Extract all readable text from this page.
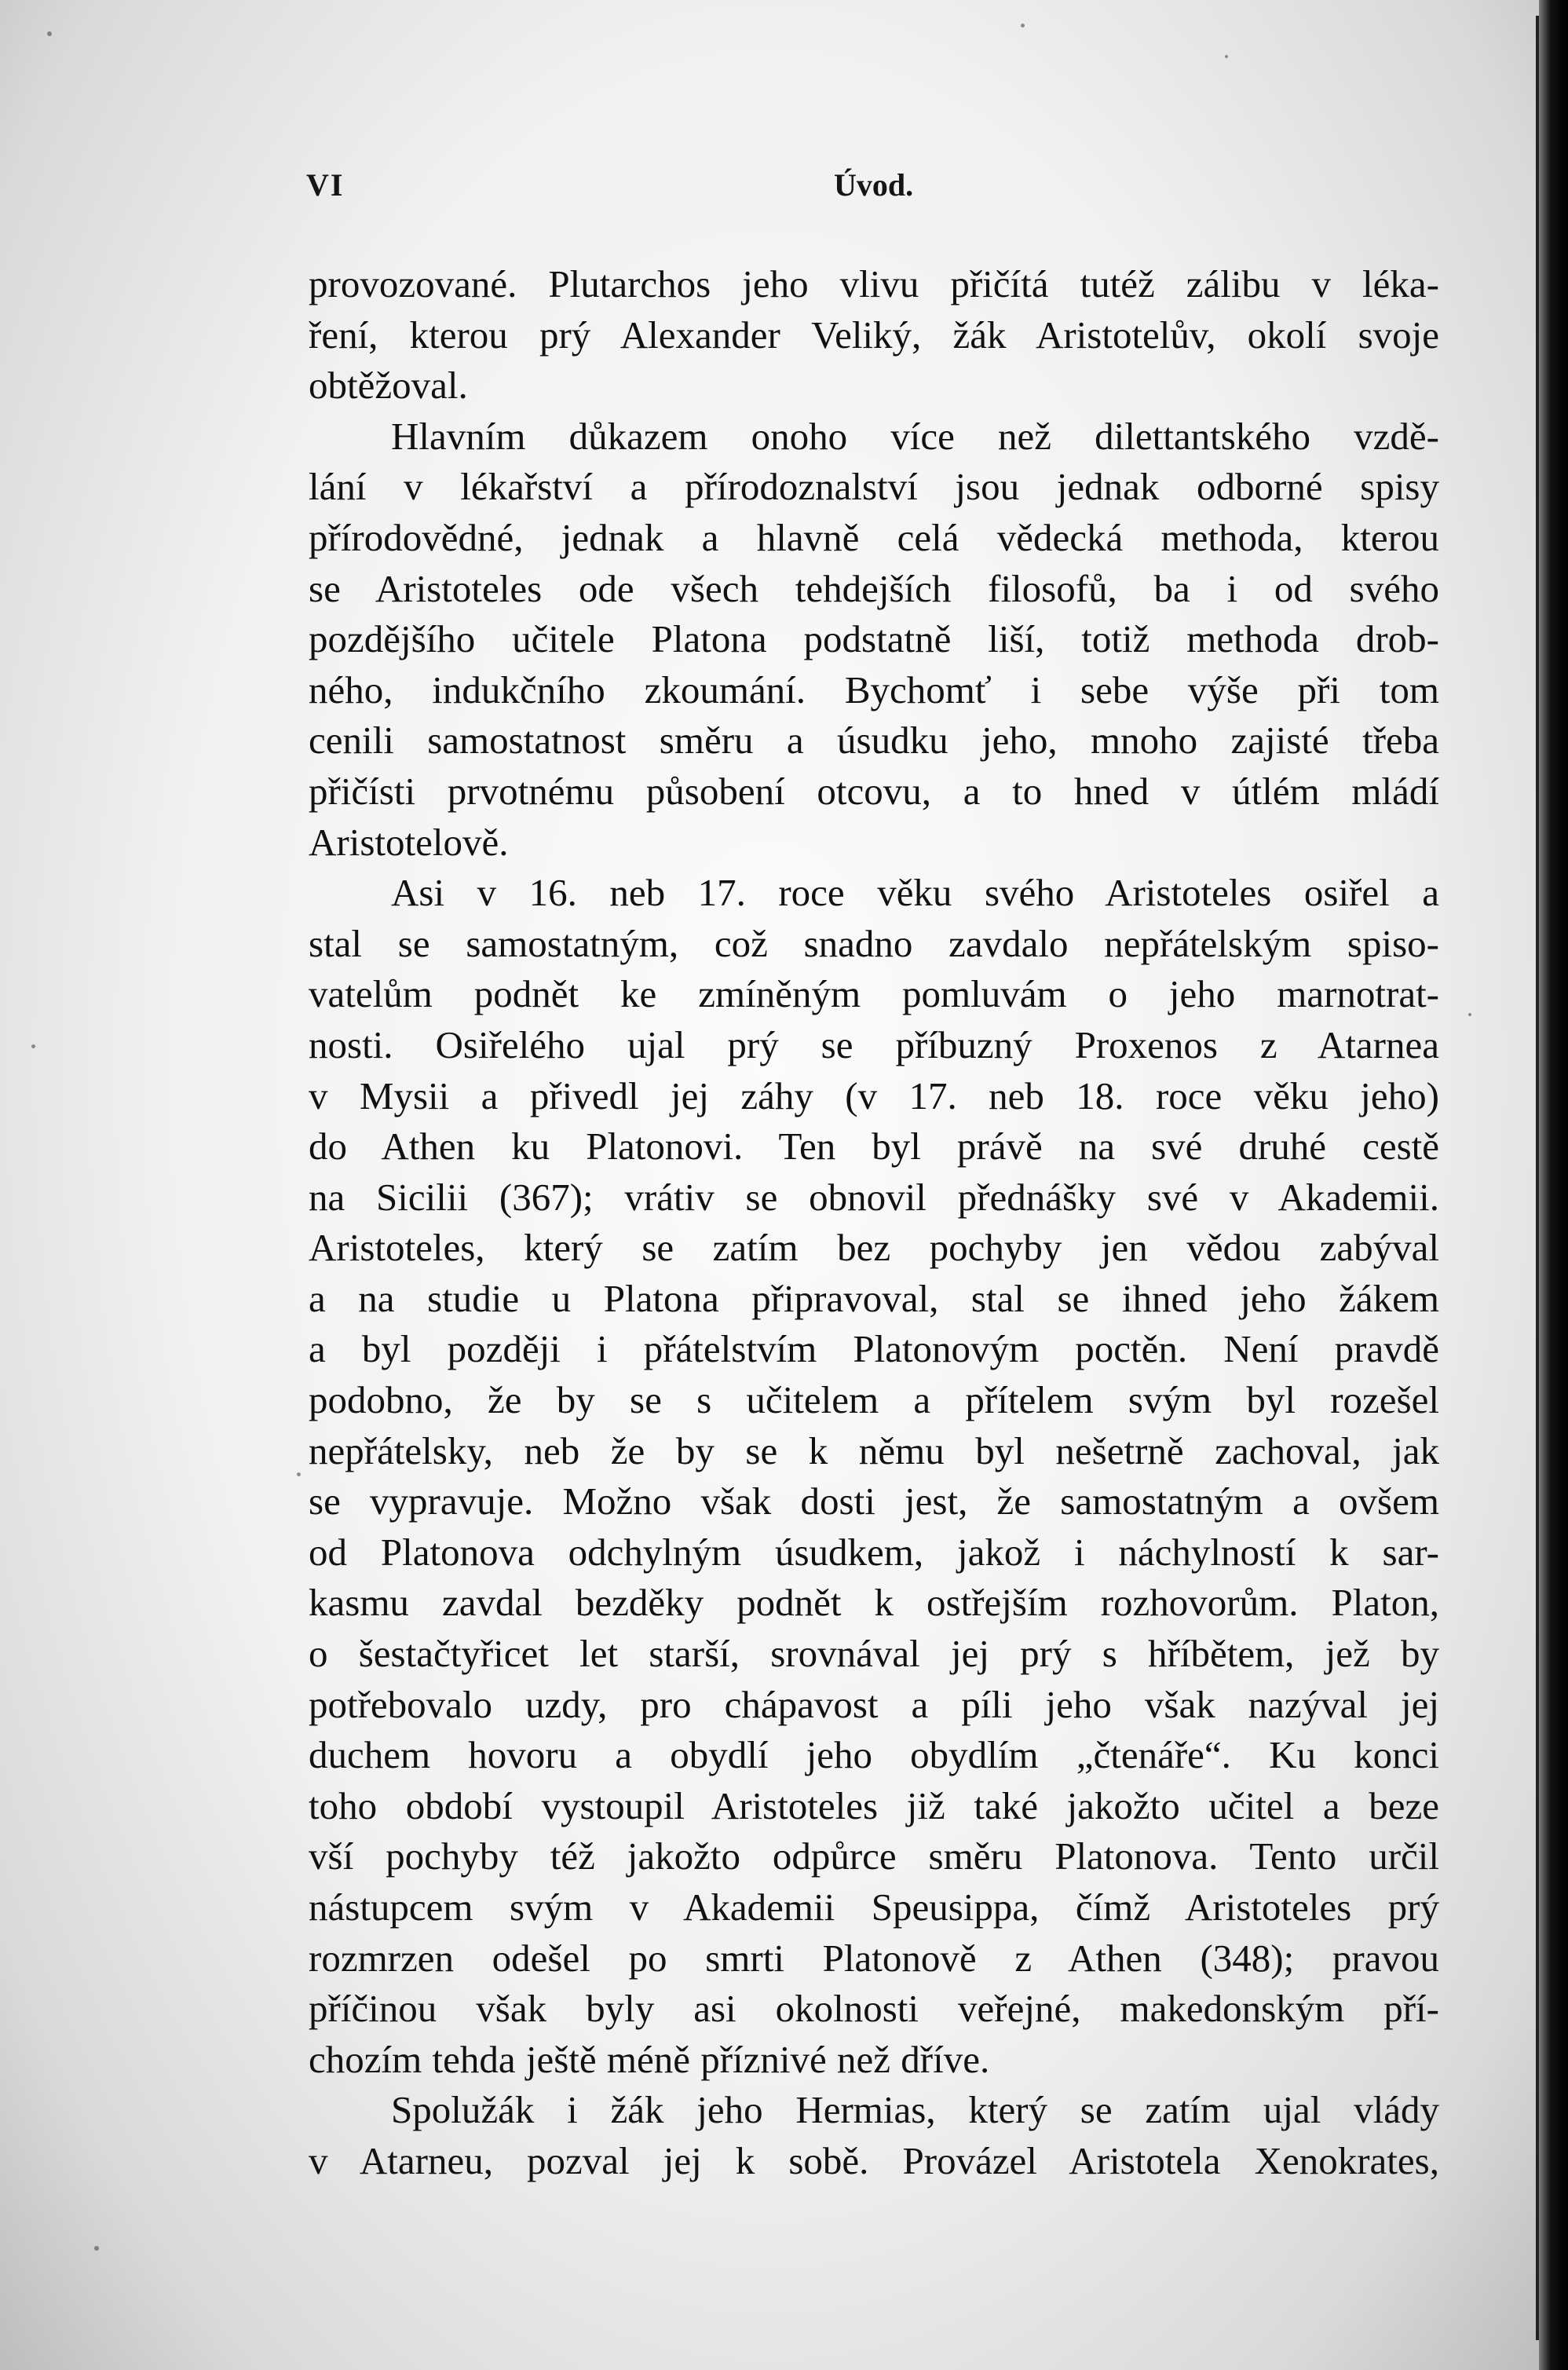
VI	Úvod.

provozované. Plutarchos jeho vlivu přičítá tutéž zálibu v léka-
ření, kterou prý Alexander Veliký, žák Aristotelův, okolí svoje
obtěžoval.

Hlavním důkazem onoho více než dilettantského vzdě-
lání v lékařství a přírodoznalství jsou jednak odborné spisy
přírodovědné, jednak a hlavně celá vědecká methoda, kterou
se Aristoteles ode všech tehdejších filosofů, ba i od svého
pozdějšího učitele Platona podstatně liší, totiž methoda drob-
ného, indukčního zkoumání. Bychomť i sebe výše při tom
cenili samostatnost směru a úsudku jeho, mnoho zajisté třeba
přičísti prvotnému působení otcovu, a to hned v útlém mládí
Aristotelově.

Asi v 16. neb 17. roce věku svého Aristoteles osiřel a
stal se samostatným, což snadno zavdalo nepřátelským spiso-
vatelům podnět ke zmíněným pomluvám o jeho marnotrat-
nosti. Osiřelého ujal prý se příbuzný Proxenos z Atarnea
v Mysii a přivedl jej záhy (v 17. neb 18. roce věku jeho)
do Athen ku Platonovi. Ten byl právě na své druhé cestě
na Sicilii (367); vrátiv se obnovil přednášky své v Akademii.
Aristoteles, který se zatím bez pochyby jen vědou zabýval
a na studie u Platona připravoval, stal se ihned jeho žákem
a byl později i přátelstvím Platonovým poctěn. Není pravdě
podobno, že by se s učitelem a přítelem svým byl rozešel
nepřátelsky, neb že by se k němu byl nešetrně zachoval, jak
se vypravuje. Možno však dosti jest, že samostatným a ovšem
od Platonova odchylným úsudkem, jakož i náchylností k sar-
kasmu zavdal bezděky podnět k ostřejším rozhovorům. Platon,
o šestačtyřicet let starší, srovnával jej prý s hříbětem, jež by
potřebovalo uzdy, pro chápavost a píli jeho však nazýval jej
duchem hovoru a obydlí jeho obydlím „čtenáře“. Ku konci
toho období vystoupil Aristoteles již také jakožto učitel a beze
vší pochyby též jakožto odpůrce směru Platonova. Tento určil
nástupcem svým v Akademii Speusippa, čímž Aristoteles prý
rozmrzen odešel po smrti Platonově z Athen (348); pravou
příčinou však byly asi okolnosti veřejné, makedonským pří-
chozím tehda ještě méně příznivé než dříve.

Spolužák i žák jeho Hermias, který se zatím ujal vlády
v Atarneu, pozval jej k sobě. Provázel Aristotela Xenokrates,
